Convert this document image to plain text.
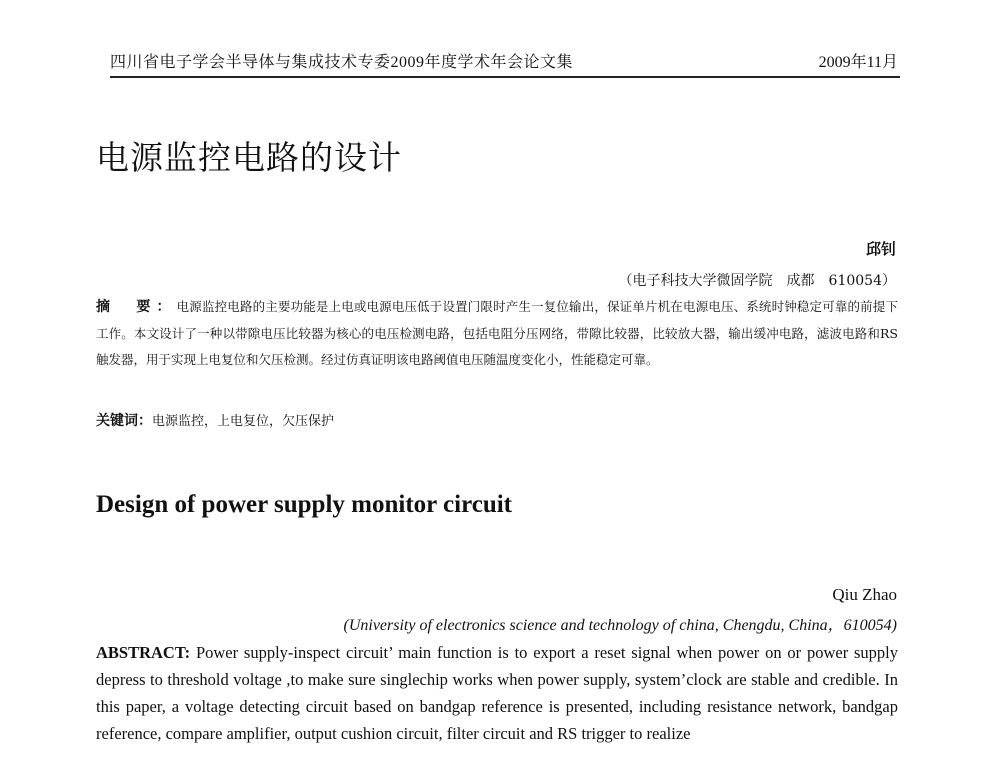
四川省电子学会半导体与集成技术专委2009年度学术年会论文集	2009年11月
电源监控电路的设计
邱钊
（电子科技大学微固学院　成都　610054）

摘　要：电源监控电路的主要功能是上电或电源电压低于设置门限时产生一复位输出，保证单片机在电源电压、系统时钟稳定可靠的前提下工作。本文设计了一种以带隙电压比较器为核心的电压检测电路，包括电阻分压网络，带隙比较器，比较放大器，输出缓冲电路，滤波电路和RS触发器，用于实现上电复位和欠压检测。经过仿真证明该电路阈值电压随温度变化小，性能稳定可靠。

关键词：电源监控，上电复位，欠压保护
Design of power supply monitor circuit
Qiu Zhao
(University of electronics science and technology of china, Chengdu, China，610054)

ABSTRACT: Power supply-inspect circuit’ main function is to export a reset signal when power on or power supply depress to threshold voltage ,to make sure singlechip works when power supply, system’clock are stable and credible. In this paper, a voltage detecting circuit based on bandgap reference is presented, including resistance network, bandgap reference, compare amplifier, output cushion circuit, filter circuit and RS trigger to realize
